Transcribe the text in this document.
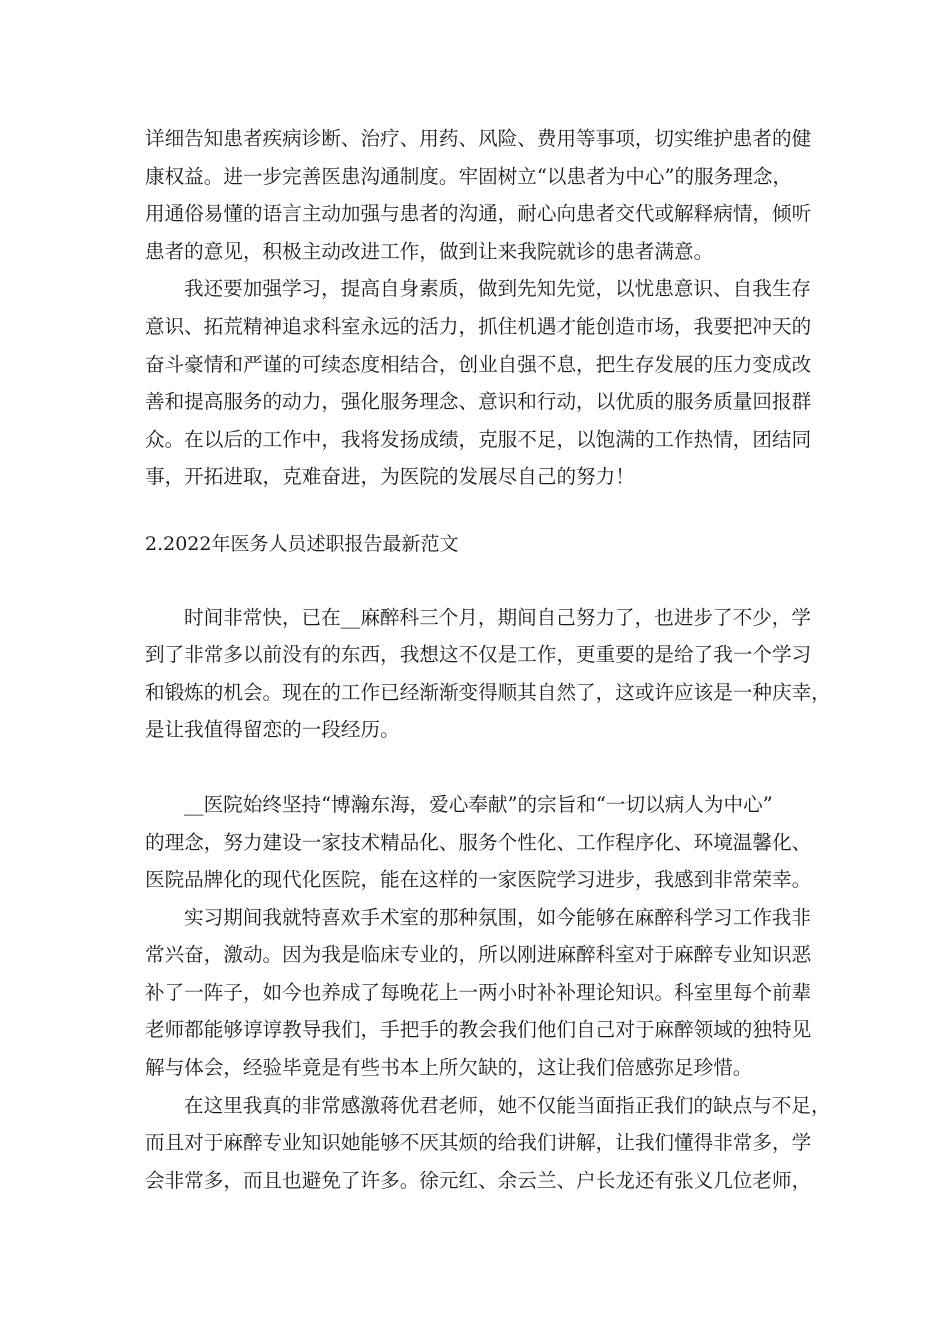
详细告知患者疾病诊断、治疗、用药、风险、费用等事项，切实维护患者的健
康权益。进一步完善医患沟通制度。牢固树立“以患者为中心”的服务理念，
用通俗易懂的语言主动加强与患者的沟通，耐心向患者交代或解释病情，倾听
患者的意见，积极主动改进工作，做到让来我院就诊的患者满意。
我还要加强学习，提高自身素质，做到先知先觉，以忧患意识、自我生存
意识、拓荒精神追求科室永远的活力，抓住机遇才能创造市场，我要把冲天的
奋斗豪情和严谨的可续态度相结合，创业自强不息，把生存发展的压力变成改
善和提高服务的动力，强化服务理念、意识和行动，以优质的服务质量回报群
众。在以后的工作中，我将发扬成绩，克服不足，以饱满的工作热情，团结同
事，开拓进取，克难奋进，为医院的发展尽自己的努力！
2.2022年医务人员述职报告最新范文
时间非常快，已在__麻醉科三个月，期间自己努力了，也进步了不少，学
到了非常多以前没有的东西，我想这不仅是工作，更重要的是给了我一个学习
和锻炼的机会。现在的工作已经渐渐变得顺其自然了，这或许应该是一种庆幸，
是让我值得留恋的一段经历。
__医院始终坚持“博瀚东海，爱心奉献”的宗旨和“一切以病人为中心”
的理念，努力建设一家技术精品化、服务个性化、工作程序化、环境温馨化、
医院品牌化的现代化医院，能在这样的一家医院学习进步，我感到非常荣幸。
实习期间我就特喜欢手术室的那种氛围，如今能够在麻醉科学习工作我非
常兴奋，激动。因为我是临床专业的，所以刚进麻醉科室对于麻醉专业知识恶
补了一阵子，如今也养成了每晚花上一两小时补补理论知识。科室里每个前辈
老师都能够谆谆教导我们，手把手的教会我们他们自己对于麻醉领域的独特见
解与体会，经验毕竟是有些书本上所欠缺的，这让我们倍感弥足珍惜。
在这里我真的非常感激蒋优君老师，她不仅能当面指正我们的缺点与不足，
而且对于麻醉专业知识她能够不厌其烦的给我们讲解，让我们懂得非常多，学
会非常多，而且也避免了许多。徐元红、余云兰、户长龙还有张义几位老师，
